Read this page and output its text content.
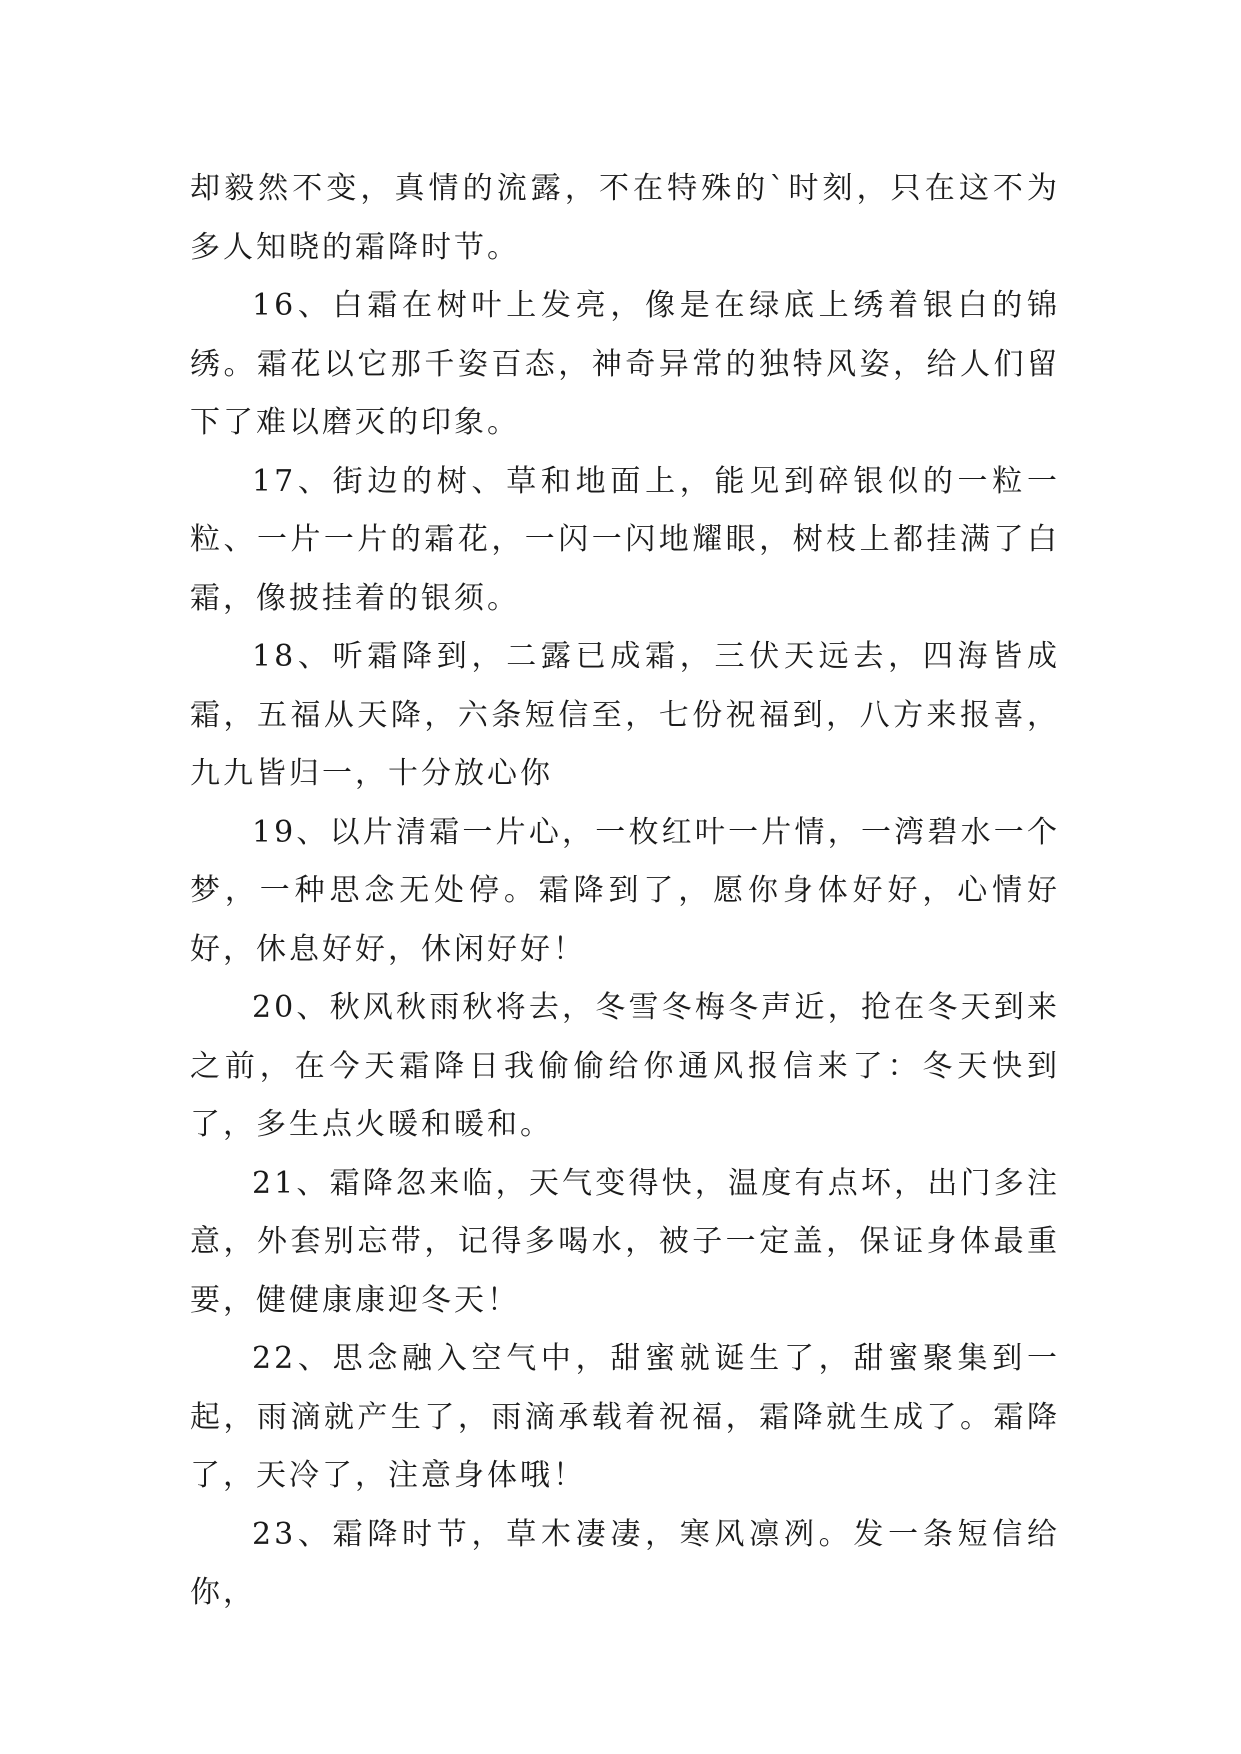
却毅然不变，真情的流露，不在特殊的`时刻，只在这不为多人知晓的霜降时节。

16、白霜在树叶上发亮，像是在绿底上绣着银白的锦绣。霜花以它那千姿百态，神奇异常的独特风姿，给人们留下了难以磨灭的印象。

17、街边的树、草和地面上，能见到碎银似的一粒一粒、一片一片的霜花，一闪一闪地耀眼，树枝上都挂满了白霜，像披挂着的银须。

18、听霜降到，二露已成霜，三伏天远去，四海皆成霜，五福从天降，六条短信至，七份祝福到，八方来报喜，九九皆归一，十分放心你

19、以片清霜一片心，一枚红叶一片情，一湾碧水一个梦，一种思念无处停。霜降到了，愿你身体好好，心情好好，休息好好，休闲好好！

20、秋风秋雨秋将去，冬雪冬梅冬声近，抢在冬天到来之前，在今天霜降日我偷偷给你通风报信来了：冬天快到了，多生点火暖和暖和。

21、霜降忽来临，天气变得快，温度有点坏，出门多注意，外套别忘带，记得多喝水，被子一定盖，保证身体最重要，健健康康迎冬天！

22、思念融入空气中，甜蜜就诞生了，甜蜜聚集到一起，雨滴就产生了，雨滴承载着祝福，霜降就生成了。霜降了，天冷了，注意身体哦！

23、霜降时节，草木凄凄，寒风凛冽。发一条短信给你，
